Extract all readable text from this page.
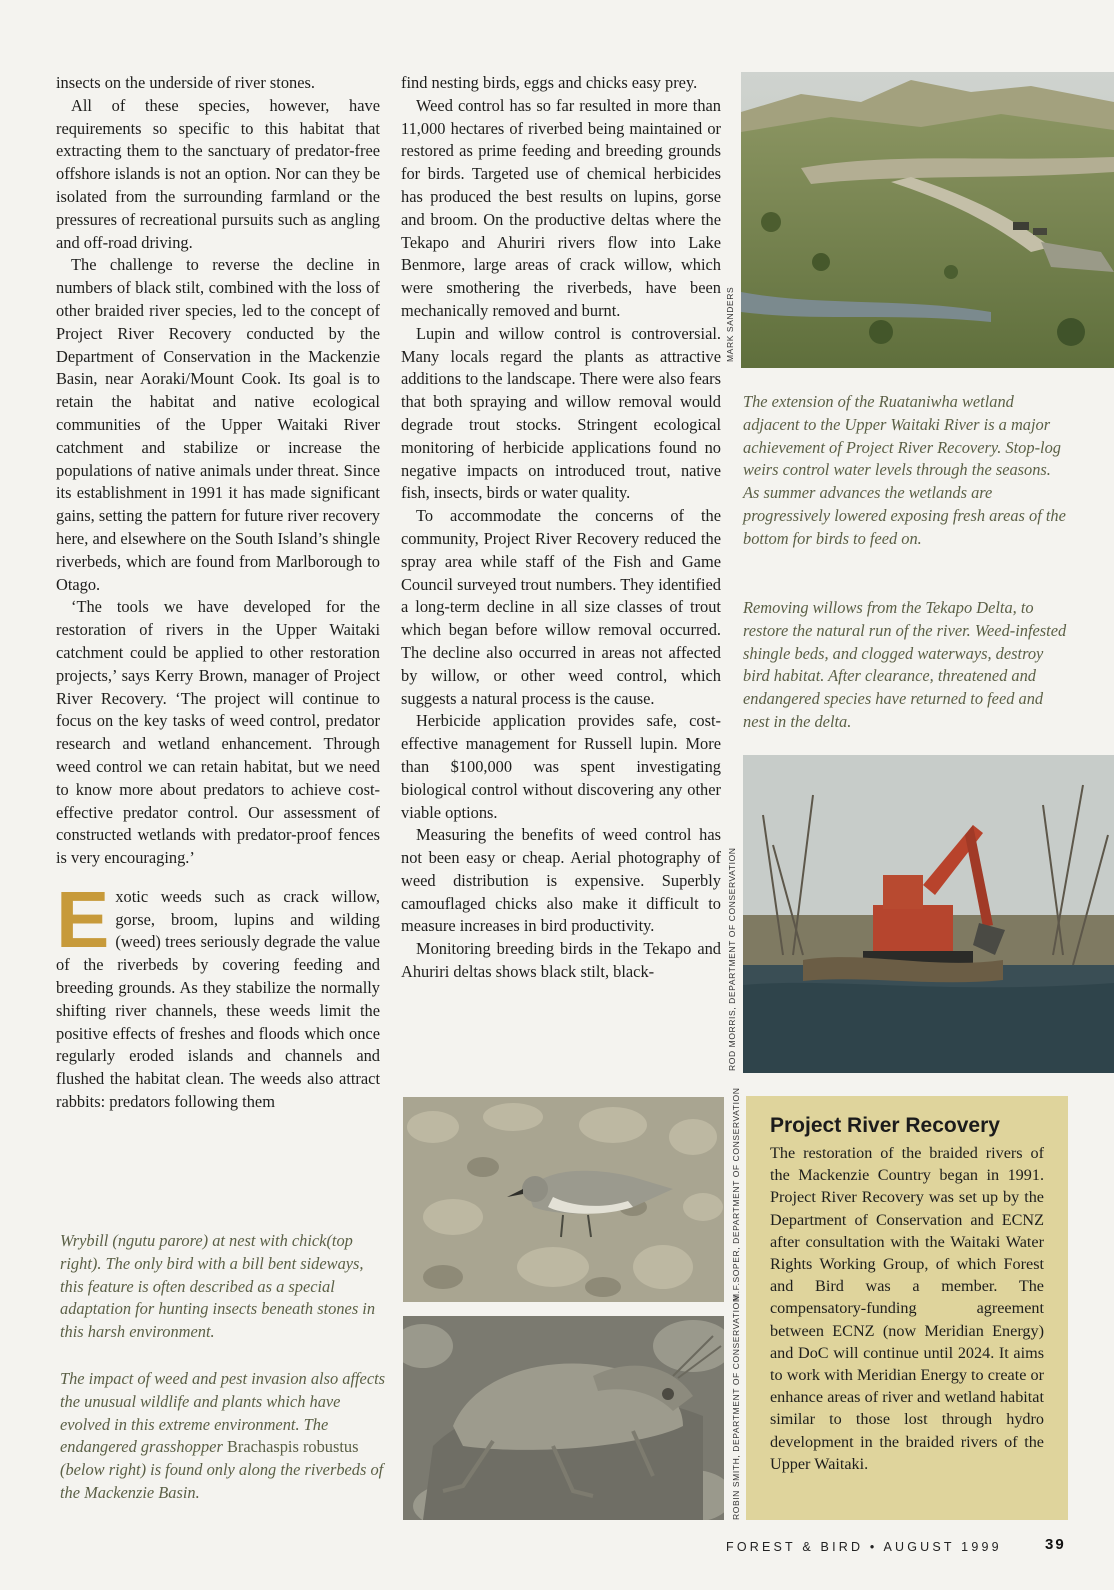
insects on the underside of river stones.

All of these species, however, have requirements so specific to this habitat that extracting them to the sanctuary of predator-free offshore islands is not an option. Nor can they be isolated from the surrounding farmland or the pressures of recreational pursuits such as angling and off-road driving.

The challenge to reverse the decline in numbers of black stilt, combined with the loss of other braided river species, led to the concept of Project River Recovery conducted by the Department of Conservation in the Mackenzie Basin, near Aoraki/Mount Cook. Its goal is to retain the habitat and native ecological communities of the Upper Waitaki River catchment and stabilize or increase the populations of native animals under threat. Since its establishment in 1991 it has made significant gains, setting the pattern for future river recovery here, and elsewhere on the South Island’s shingle riverbeds, which are found from Marlborough to Otago.

‘The tools we have developed for the restoration of rivers in the Upper Waitaki catchment could be applied to other restoration projects,’ says Kerry Brown, manager of Project River Recovery. ‘The project will continue to focus on the key tasks of weed control, predator research and wetland enhancement. Through weed control we can retain habitat, but we need to know more about predators to achieve cost-effective predator control. Our assessment of constructed wetlands with predator-proof fences is very encouraging.’

Exotic weeds such as crack willow, gorse, broom, lupins and wilding (weed) trees seriously degrade the value of the riverbeds by covering feeding and breeding grounds. As they stabilize the normally shifting river channels, these weeds limit the positive effects of freshes and floods which once regularly eroded islands and channels and flushed the habitat clean. The weeds also attract rabbits: predators following them

Wrybill (ngutu parore) at nest with chick(top right). The only bird with a bill bent sideways, this feature is often described as a special adaptation for hunting insects beneath stones in this harsh environment.

The impact of weed and pest invasion also affects the unusual wildlife and plants which have evolved in this extreme environment. The endangered grasshopper Brachaspis robustus (below right) is found only along the riverbeds of the Mackenzie Basin.

find nesting birds, eggs and chicks easy prey.

Weed control has so far resulted in more than 11,000 hectares of riverbed being maintained or restored as prime feeding and breeding grounds for birds. Targeted use of chemical herbicides has produced the best results on lupins, gorse and broom. On the productive deltas where the Tekapo and Ahuriri rivers flow into Lake Benmore, large areas of crack willow, which were smothering the riverbeds, have been mechanically removed and burnt.

Lupin and willow control is controversial. Many locals regard the plants as attractive additions to the landscape. There were also fears that both spraying and willow removal would degrade trout stocks. Stringent ecological monitoring of herbicide applications found no negative impacts on introduced trout, native fish, insects, birds or water quality.

To accommodate the concerns of the community, Project River Recovery reduced the spray area while staff of the Fish and Game Council surveyed trout numbers. They identified a long-term decline in all size classes of trout which began before willow removal occurred. The decline also occurred in areas not affected by willow, or other weed control, which suggests a natural process is the cause.

Herbicide application provides safe, cost-effective management for Russell lupin. More than $100,000 was spent investigating biological control without discovering any other viable options.

Measuring the benefits of weed control has not been easy or cheap. Aerial photography of weed distribution is expensive. Superbly camouflaged chicks also make it difficult to measure increases in bird productivity.

Monitoring breeding birds in the Tekapo and Ahuriri deltas shows black stilt, black-

MARK SANDERS

The extension of the Ruataniwha wetland adjacent to the Upper Waitaki River is a major achievement of Project River Recovery. Stop-log weirs control water levels through the seasons. As summer advances the wetlands are progressively lowered exposing fresh areas of the bottom for birds to feed on.

Removing willows from the Tekapo Delta, to restore the natural run of the river. Weed-infested shingle beds, and clogged waterways, destroy bird habitat. After clearance, threatened and endangered species have returned to feed and nest in the delta.

ROD MORRIS, DEPARTMENT OF CONSERVATION
M.F.SOPER, DEPARTMENT OF CONSERVATION
ROBIN SMITH, DEPARTMENT OF CONSERVATION
Project River Recovery

The restoration of the braided rivers of the Mackenzie Country began in 1991. Project River Recovery was set up by the Department of Conservation and ECNZ after consultation with the Waitaki Water Rights Working Group, of which Forest and Bird was a member. The compensatory-funding agreement between ECNZ (now Meridian Energy) and DoC will continue until 2024. It aims to work with Meridian Energy to create or enhance areas of river and wetland habitat similar to those lost through hydro development in the braided rivers of the Upper Waitaki.

FOREST & BIRD • AUGUST 1999	39
